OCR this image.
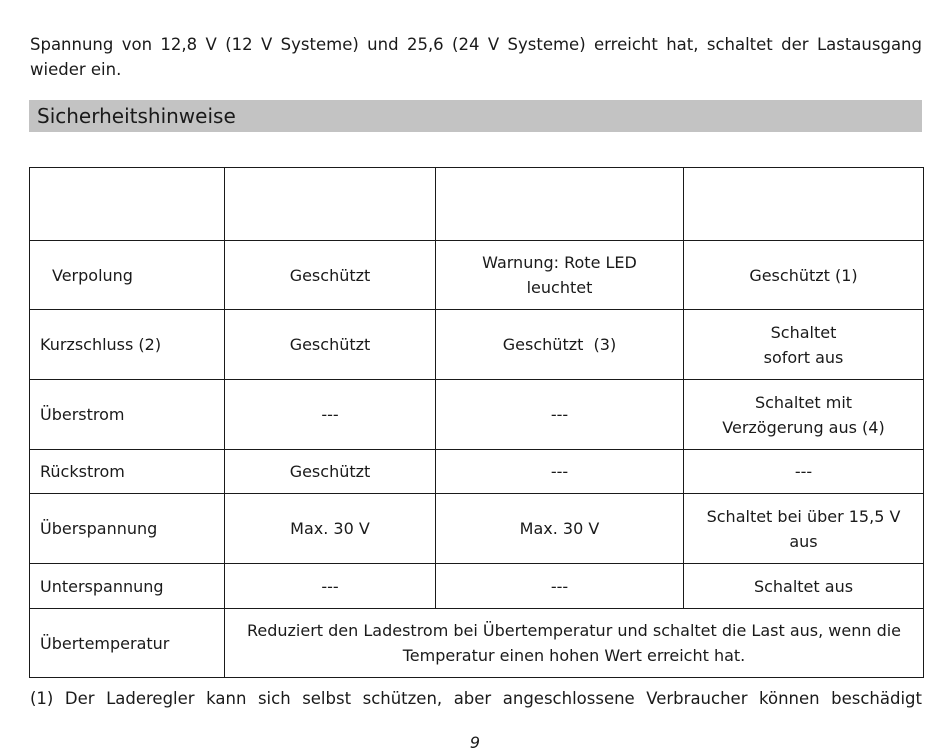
Spannung von 12,8 V (12 V Systeme) und 25,6 (24 V Systeme) erreicht hat, schaltet der Lastausgang wieder ein.

Sicherheitshinweise

Verpolung	Geschützt	Warnung: Rote LED leuchtet	Geschützt (1)
Kurzschluss (2)	Geschützt	Geschützt  (3)	Schaltet sofort aus
Überstrom	---	---	Schaltet mit Verzögerung aus (4)
Rückstrom	Geschützt	---	---
Überspannung	Max. 30 V	Max. 30 V	Schaltet bei über 15,5 V aus
Unterspannung	---	---	Schaltet aus
Übertemperatur	Reduziert den Ladestrom bei Übertemperatur und schaltet die Last aus, wenn die Temperatur einen hohen Wert erreicht hat.		

(1) Der Laderegler kann sich selbst schützen, aber angeschlossene Verbraucher können beschädigt

9
